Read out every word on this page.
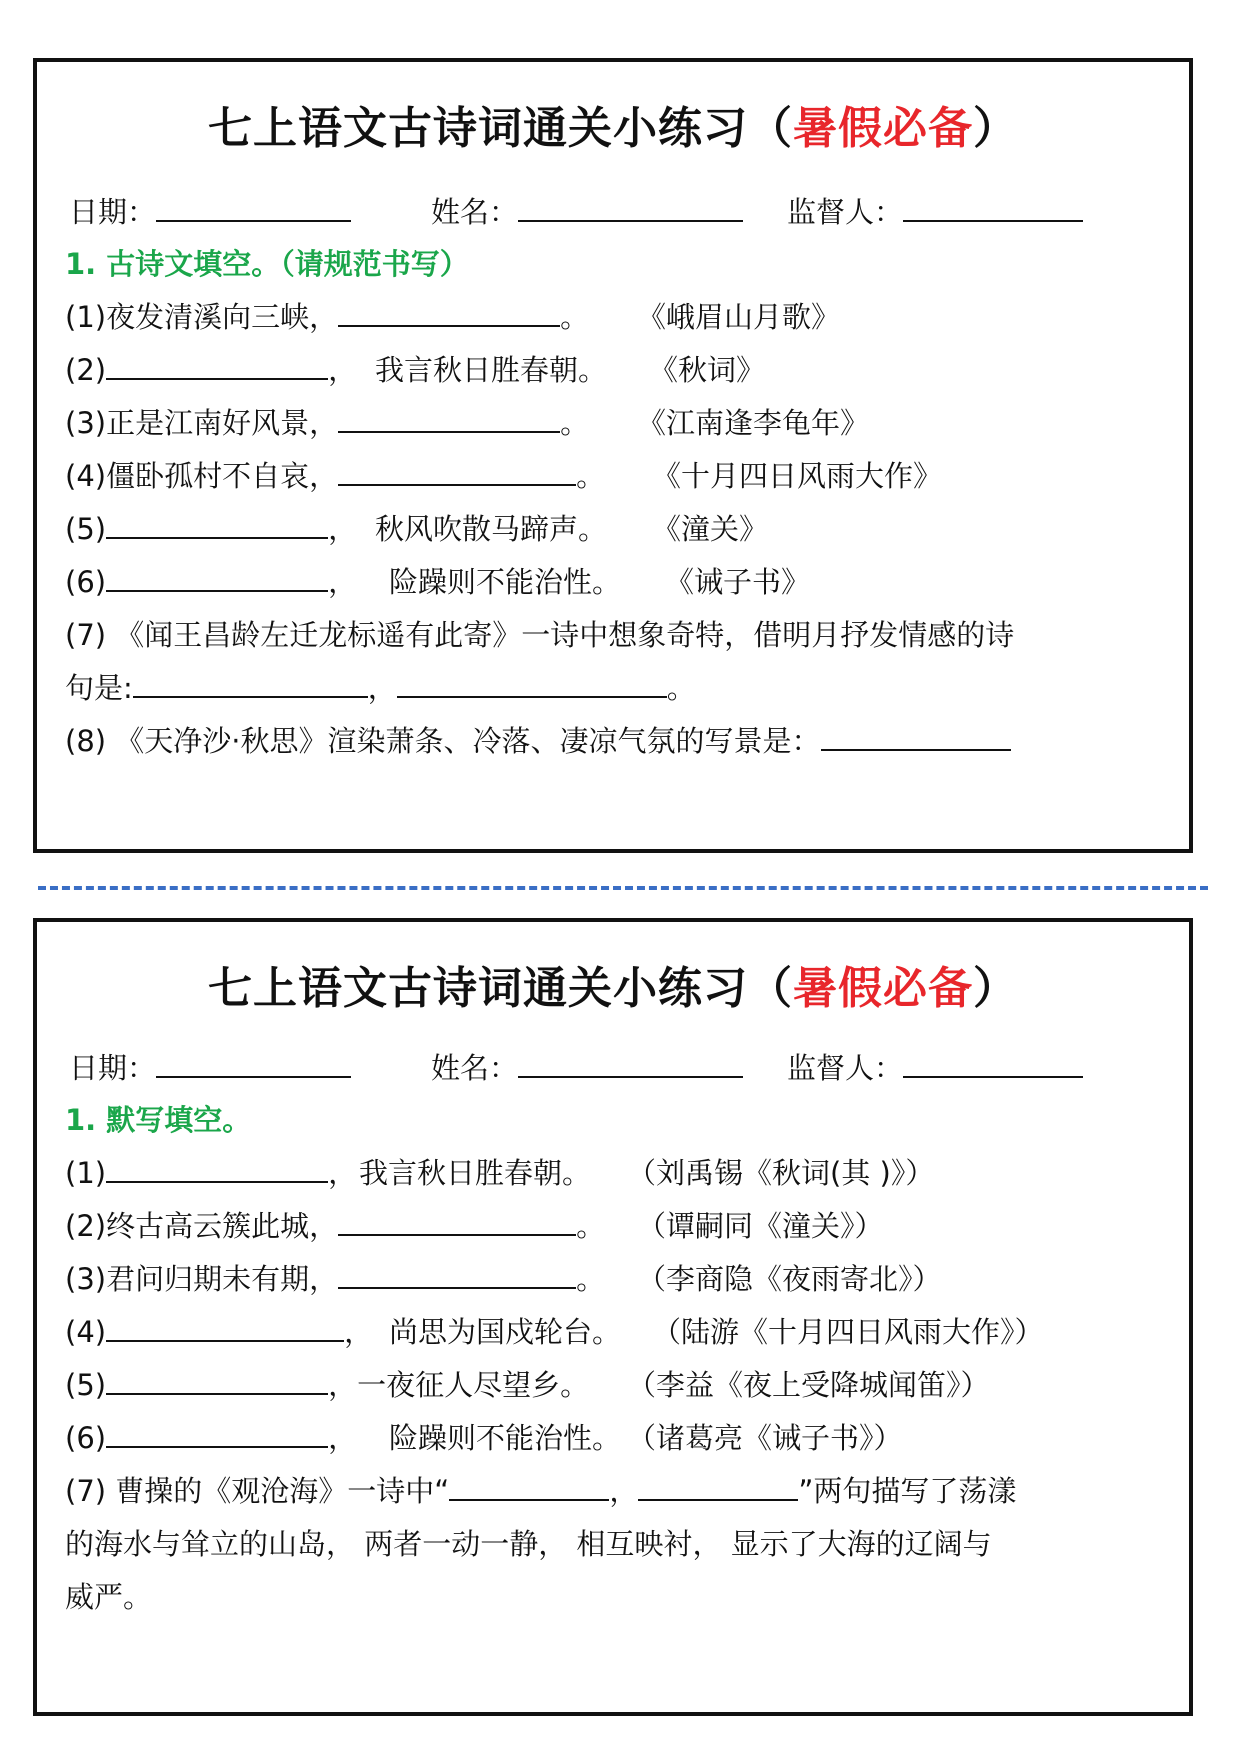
七上语文古诗词通关小练习（暑假必备）
日期：	姓名：	监督人：
1. 古诗文填空。（请规范书写）
(1)夜发清溪向三峡，	。 《峨眉山月歌》
(2)	， 我言秋日胜春朝。 《秋词》
(3)正是江南好风景，	。 《江南逢李龟年》
(4)僵卧孤村不自哀，	。 《十月四日风雨大作》
(5)	， 秋风吹散马蹄声。 《潼关》
(6)	， 险躁则不能治性。 《诫子书》
(7) 《闻王昌龄左迁龙标遥有此寄》一诗中想象奇特，借明月抒发情感的诗
句是:	，	。
(8) 《天净沙·秋思》渲染萧条、冷落、凄凉气氛的写景是：
七上语文古诗词通关小练习（暑假必备）
日期：	姓名：	监督人：
1. 默写填空。
(1)	， 我言秋日胜春朝。 （刘禹锡《秋词(其 )》）
(2)终古高云簇此城，	。 （谭嗣同《潼关》）
(3)君问归期未有期，	。 （李商隐《夜雨寄北》）
(4)	， 尚思为国戍轮台。 （陆游《十月四日风雨大作》）
(5)	，一夜征人尽望乡。 （李益《夜上受降城闻笛》）
(6)	， 险躁则不能治性。 （诸葛亮《诫子书》）
(7) 曹操的《观沧海》一诗中“	，	”两句描写了荡漾
的海水与耸立的山岛， 两者一动一静， 相互映衬， 显示了大海的辽阔与
威严。
